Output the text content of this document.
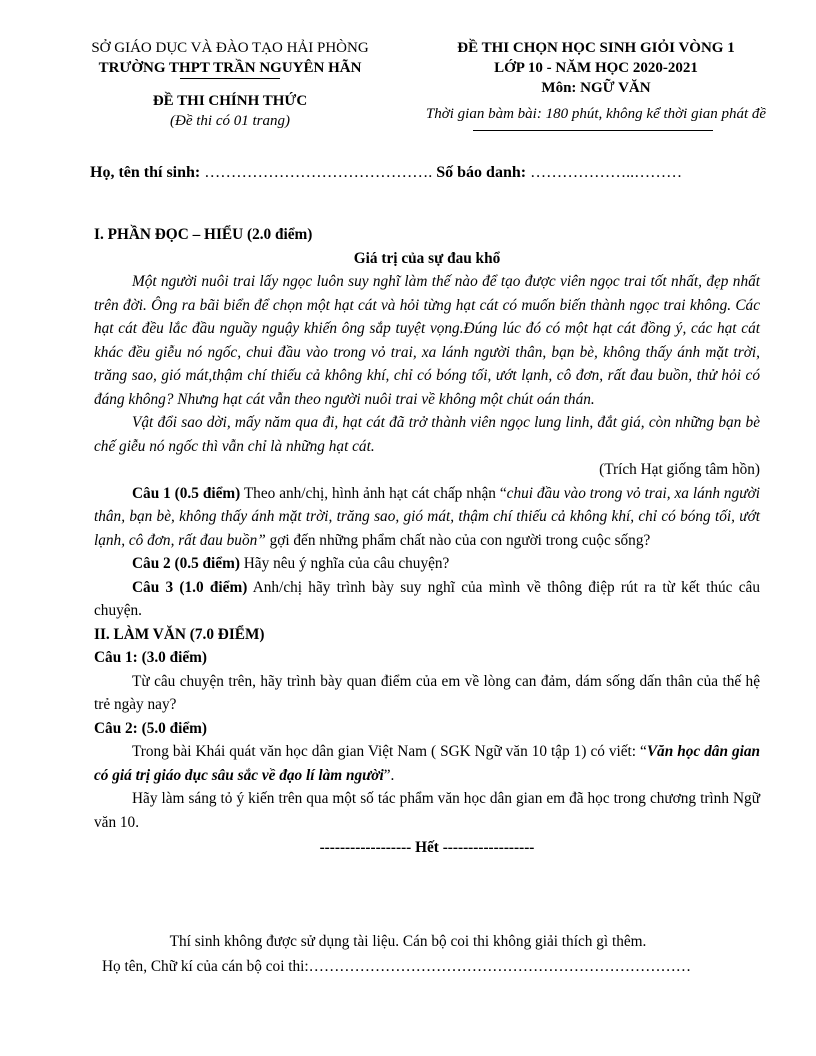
SỞ GIÁO DỤC VÀ ĐÀO TẠO HẢI PHÒNG
TRƯỜNG THPT TRẦN NGUYÊN HÃN
ĐỀ THI CHÍNH THỨC
(Đề thi có 01 trang)
ĐỀ THI CHỌN HỌC SINH GIỎI VÒNG 1
LỚP 10 - NĂM HỌC 2020-2021
Môn: NGỮ VĂN
Thời gian bàm bài: 180 phút, không kể thời gian phát đề
Họ, tên thí sinh: ……………………………………. Số báo danh: ………………..………

I. PHẦN ĐỌC – HIỂU (2.0 điểm)

Giá trị của sự đau khổ

Một người nuôi trai lấy ngọc luôn suy nghĩ làm thế nào để tạo được viên ngọc trai tốt nhất, đẹp nhất trên đời. Ông ra bãi biển để chọn một hạt cát và hỏi từng hạt cát có muốn biến thành ngọc trai không. Các hạt cát đều lắc đầu nguầy nguậy khiến ông sắp tuyệt vọng.Đúng lúc đó có một hạt cát đồng ý, các hạt cát khác đều giễu nó ngốc, chui đầu vào trong vỏ trai, xa lánh người thân, bạn bè, không thấy ánh mặt trời, trăng sao, gió mát,thậm chí thiếu cả không khí, chỉ có bóng tối, ướt lạnh, cô đơn, rất đau buồn, thử hỏi có đáng không? Nhưng hạt cát vẫn theo người nuôi trai về không một chút oán thán.

Vật đổi sao dời, mấy năm qua đi, hạt cát đã trở thành viên ngọc lung linh, đắt giá, còn những bạn bè chế giễu nó ngốc thì vẫn chỉ là những hạt cát.

(Trích Hạt giống tâm hồn)

Câu 1 (0.5 điểm) Theo anh/chị, hình ảnh hạt cát chấp nhận “chui đầu vào trong vỏ trai, xa lánh người thân, bạn bè, không thấy ánh mặt trời, trăng sao, gió mát, thậm chí thiếu cả không khí, chỉ có bóng tối, ướt lạnh, cô đơn, rất đau buồn” gợi đến những phẩm chất nào của con người trong cuộc sống?

Câu 2 (0.5 điểm) Hãy nêu ý nghĩa của câu chuyện?

Câu 3 (1.0 điểm) Anh/chị hãy trình bày suy nghĩ của mình về thông điệp rút ra từ kết thúc câu chuyện.

II. LÀM VĂN (7.0 ĐIỂM)

Câu 1: (3.0 điểm)

Từ câu chuyện trên, hãy trình bày quan điểm của em về lòng can đảm, dám sống dấn thân của thế hệ trẻ ngày nay?

Câu 2: (5.0 điểm)

Trong bài Khái quát văn học dân gian Việt Nam ( SGK Ngữ văn 10 tập 1) có viết: “Văn học dân gian có giá trị giáo dục sâu sắc về đạo lí làm người”.

Hãy làm sáng tỏ ý kiến trên qua một số tác phẩm văn học dân gian em đã học trong chương trình Ngữ văn 10.

------------------ Hết ------------------

Thí sinh không được sử dụng tài liệu. Cán bộ coi thi không giải thích gì thêm.
Họ tên, Chữ kí của cán bộ coi thi:…………………………………………………………………
